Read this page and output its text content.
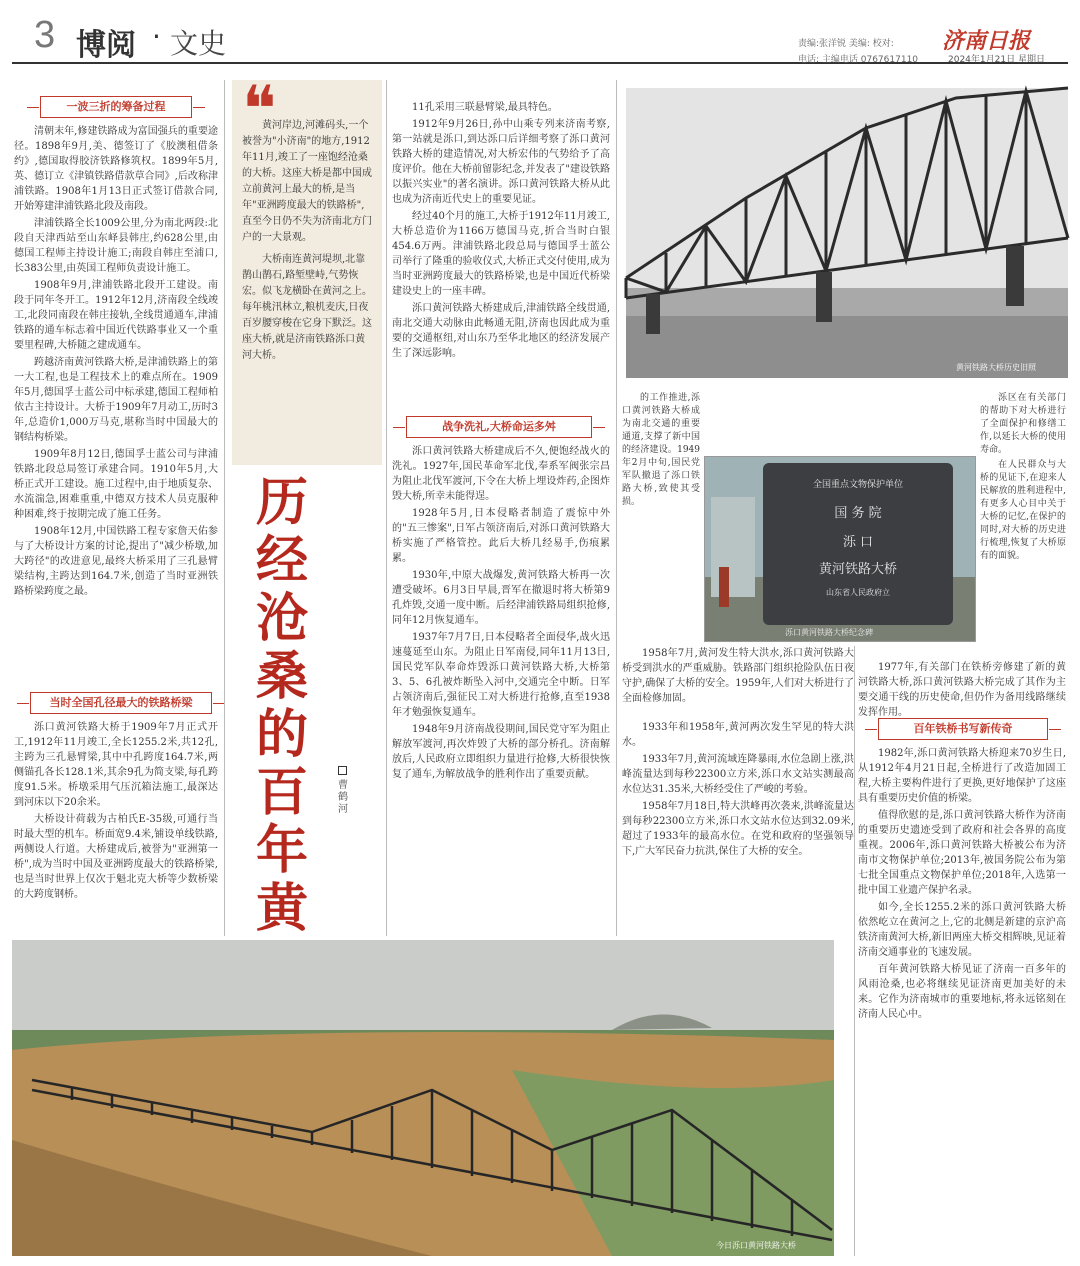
3 博阅 · 文史	责编:张洋锐 美编: 校对:
电话: 主编电话 0767617110
济南日报
2024年1月21日 星期日
一波三折的筹备过程

清朝末年,修建铁路成为富国强兵的重要途径。1898年9月,美、德签订了《胶澳租借条约》,德国取得胶济铁路修筑权。1899年5月,英、德订立《津镇铁路借款草合同》,后改称津浦铁路。1908年1月13日正式签订借款合同,开始筹建津浦铁路北段及南段。

津浦铁路全长1009公里,分为南北两段:北段自天津西站至山东峄县韩庄,约628公里,由德国工程师主持设计施工;南段自韩庄至浦口,长383公里,由英国工程师负责设计施工。

1908年9月,津浦铁路北段开工建设。南段于同年冬开工。1912年12月,济南段全线竣工,北段同南段在韩庄接轨,全线贯通通车,津浦铁路的通车标志着中国近代铁路事业又一个重要里程碑,大桥随之建成通车。

跨越济南黄河铁路大桥,是津浦铁路上的第一大工程,也是工程技术上的难点所在。1909年5月,德国孚士蓝公司中标承建,德国工程师柏依古主持设计。大桥于1909年7月动工,历时3年,总造价1,000万马克,堪称当时中国最大的钢结构桥梁。

1909年8月12日,德国孚士蓝公司与津浦铁路北段总局签订承建合同。1910年5月,大桥正式开工建设。施工过程中,由于地质复杂、水流湍急,困难重重,中德双方技术人员克服种种困难,终于按期完成了施工任务。

1908年12月,中国铁路工程专家詹天佑参与了大桥设计方案的讨论,提出了"减少桥墩,加大跨径"的改进意见,最终大桥采用了三孔悬臂梁结构,主跨达到164.7米,创造了当时亚洲铁路桥梁跨度之最。

当时全国孔径最大的铁路桥梁

泺口黄河铁路大桥于1909年7月正式开工,1912年11月竣工,全长1255.2米,共12孔,主跨为三孔悬臂梁,其中中孔跨度164.7米,两侧锚孔各长128.1米,其余9孔为简支梁,每孔跨度91.5米。桥墩采用气压沉箱法施工,最深达到河床以下20余米。

大桥设计荷载为古柏氏E-35级,可通行当时最大型的机车。桥面宽9.4米,铺设单线铁路,两侧设人行道。大桥建成后,被誉为"亚洲第一桥",成为当时中国及亚洲跨度最大的铁路桥梁,也是当时世界上仅次于魁北克大桥等少数桥梁的大跨度钢桥。

❝

黄河岸边,河滩码头,一个被誉为"小济南"的地方,1912年11月,竣工了一座饱经沧桑的大桥。这座大桥是都中国成立前黄河上最大的桥,是当年"亚洲跨度最大的铁路桥",直至今日仍不失为济南北方门户的一大景观。

大桥南连黄河堤坝,北靠鹊山鹊石,路堑壁峙,气势恢宏。似飞龙横卧在黄河之上。每年桃汛林立,粮机麦庆,日夜百岁腰穿梭在它身下默泛。这座大桥,就是济南铁路泺口黄河大桥。

历经沧桑的百年黄
曹鹤河

11孔采用三联悬臂梁,最具特色。

1912年9月26日,孙中山乘专列来济南考察,第一站就是泺口,到达泺口后详细考察了泺口黄河铁路大桥的建造情况,对大桥宏伟的气势给予了高度评价。他在大桥前留影纪念,并发表了"建设铁路以振兴实业"的著名演讲。泺口黄河铁路大桥从此也成为济南近代史上的重要见证。

经过40个月的施工,大桥于1912年11月竣工,大桥总造价为1166万德国马克,折合当时白银454.6万两。津浦铁路北段总局与德国孚士蓝公司举行了隆重的验收仪式,大桥正式交付使用,成为当时亚洲跨度最大的铁路桥梁,也是中国近代桥梁建设史上的一座丰碑。

泺口黄河铁路大桥建成后,津浦铁路全线贯通,南北交通大动脉由此畅通无阻,济南也因此成为重要的交通枢纽,对山东乃至华北地区的经济发展产生了深远影响。

战争洗礼,大桥命运多舛

泺口黄河铁路大桥建成后不久,便饱经战火的洗礼。1927年,国民革命军北伐,奉系军阀张宗昌为阻止北伐军渡河,下令在大桥上埋设炸药,企图炸毁大桥,所幸未能得逞。

1928年5月,日本侵略者制造了震惊中外的"五三惨案",日军占领济南后,对泺口黄河铁路大桥实施了严格管控。此后大桥几经易手,伤痕累累。

1930年,中原大战爆发,黄河铁路大桥再一次遭受破坏。6月3日早晨,晋军在撤退时将大桥第9孔炸毁,交通一度中断。后经津浦铁路局组织抢修,同年12月恢复通车。

1937年7月7日,日本侵略者全面侵华,战火迅速蔓延至山东。为阻止日军南侵,同年11月13日,国民党军队奉命炸毁泺口黄河铁路大桥,大桥第3、5、6孔被炸断坠入河中,交通完全中断。日军占领济南后,强征民工对大桥进行抢修,直至1938年才勉强恢复通车。

1948年9月济南战役期间,国民党守军为阻止解放军渡河,再次炸毁了大桥的部分桥孔。济南解放后,人民政府立即组织力量进行抢修,大桥很快恢复了通车,为解放战争的胜利作出了重要贡献。

黄河铁路大桥历史旧照

的工作推进,泺口黄河铁路大桥成为南北交通的重要通道,支撑了新中国的经济建设。1949年2月中旬,国民党军队撤退了泺口铁路大桥,致使其受损。

1958年7月,黄河发生特大洪水,泺口黄河铁路大桥受到洪水的严重威胁。铁路部门组织抢险队伍日夜守护,确保了大桥的安全。1959年,人们对大桥进行了全面检修加固。

1933年和1958年,黄河两次发生罕见的特大洪水。

1933年7月,黄河流域连降暴雨,水位急剧上涨,洪峰流量达到每秒22300立方米,泺口水文站实测最高水位达31.35米,大桥经受住了严峻的考验。

1958年7月18日,特大洪峰再次袭来,洪峰流量达到每秒22300立方米,泺口水文站水位达到32.09米,超过了1933年的最高水位。在党和政府的坚强领导下,广大军民奋力抗洪,保住了大桥的安全。

全国重点文物保护单位
国 务 院
泺 口
黄河铁路大桥
山东省人民政府立
泺口黄河铁路大桥纪念碑

泺区在有关部门的帮助下对大桥进行了全面保护和修缮工作,以延长大桥的使用寿命。

在人民群众与大桥的见证下,在迎来人民解放的胜利进程中,有更多人心目中关于大桥的记忆,在保护的同时,对大桥的历史进行梳理,恢复了大桥原有的面貌。

1977年,有关部门在铁桥旁修建了新的黄河铁路大桥,泺口黄河铁路大桥完成了其作为主要交通干线的历史使命,但仍作为备用线路继续发挥作用。

百年铁桥书写新传奇

1982年,泺口黄河铁路大桥迎来70岁生日,从1912年4月21日起,全桥进行了改造加固工程,大桥主要构件进行了更换,更好地保护了这座具有重要历史价值的桥梁。

值得欣慰的是,泺口黄河铁路大桥作为济南的重要历史遗迹受到了政府和社会各界的高度重视。2006年,泺口黄河铁路大桥被公布为济南市文物保护单位;2013年,被国务院公布为第七批全国重点文物保护单位;2018年,入选第一批中国工业遗产保护名录。

如今,全长1255.2米的泺口黄河铁路大桥依然屹立在黄河之上,它的北侧是新建的京沪高铁济南黄河大桥,新旧两座大桥交相辉映,见证着济南交通事业的飞速发展。

百年黄河铁路大桥见证了济南一百多年的风雨沧桑,也必将继续见证济南更加美好的未来。它作为济南城市的重要地标,将永远铭刻在济南人民心中。

今日泺口黄河铁路大桥
